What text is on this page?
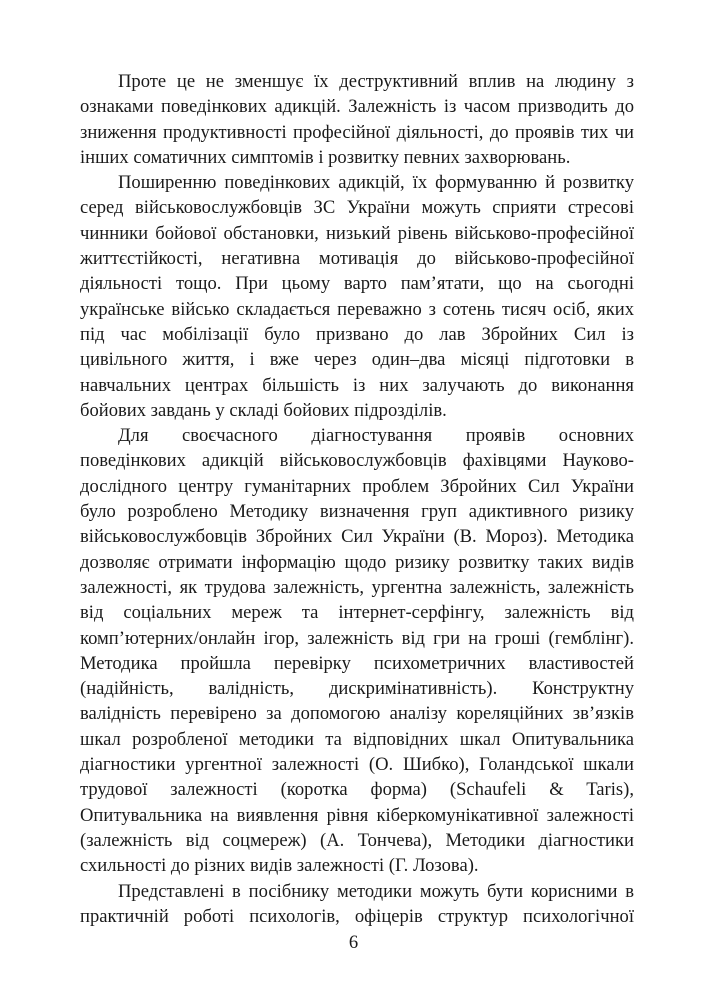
Проте це не зменшує їх деструктивний вплив на людину з
ознаками поведінкових адикцій. Залежність із часом призводить до
зниження продуктивності професійної діяльності, до проявів тих чи
інших соматичних симптомів і розвитку певних захворювань.
Поширенню поведінкових адикцій, їх формуванню й розвитку
серед військовослужбовців ЗС України можуть сприяти стресові
чинники бойової обстановки, низький рівень військово-професійної
життєстійкості, негативна мотивація до військово-професійної
діяльності тощо. При цьому варто пам’ятати, що на сьогодні
українське військо складається переважно з сотень тисяч осіб, яких
під час мобілізації було призвано до лав Збройних Сил із
цивільного життя, і вже через один–два місяці підготовки в
навчальних центрах більшість із них залучають до виконання
бойових завдань у складі бойових підрозділів.
Для своєчасного діагностування проявів основних
поведінкових адикцій військовослужбовців фахівцями Науково-
дослідного центру гуманітарних проблем Збройних Сил України
було розроблено Методику визначення груп адиктивного ризику
військовослужбовців Збройних Сил України (В. Мороз). Методика
дозволяє отримати інформацію щодо ризику розвитку таких видів
залежності, як трудова залежність, ургентна залежність, залежність
від соціальних мереж та інтернет-серфінгу, залежність від
комп’ютерних/онлайн ігор, залежність від гри на гроші (гемблінг).
Методика пройшла перевірку психометричних властивостей
(надійність, валідність, дискримінативність). Конструктну
валідність перевірено за допомогою аналізу кореляційних зв’язків
шкал розробленої методики та відповідних шкал Опитувальника
діагностики ургентної залежності (О. Шибко), Голандської шкали
трудової залежності (коротка форма) (Schaufeli & Taris),
Опитувальника на виявлення рівня кіберкомунікативної залежності
(залежність від соцмереж) (А. Тончева), Методики діагностики
схильності до різних видів залежності (Г. Лозова).
Представлені в посібнику методики можуть бути корисними в
практичній роботі психологів, офіцерів структур психологічної
6
